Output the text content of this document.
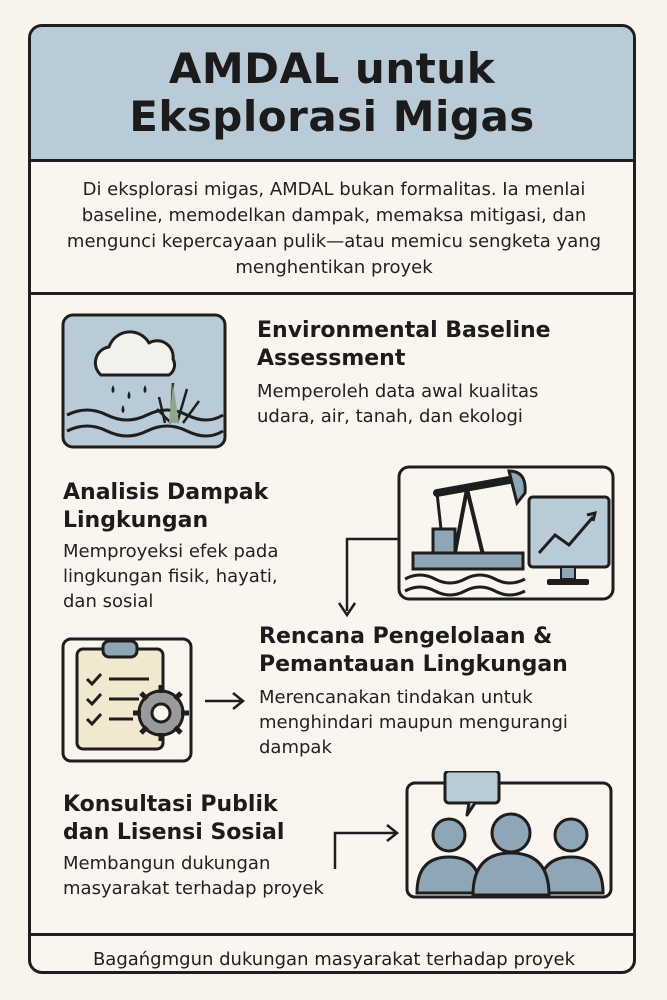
AMDAL untuk
Eksplorasi Migas
Di eksplorasi migas, AMDAL bukan formalitas. Ia menlai baseline, memodelkan dampak, memaksa mitigasi, dan mengunci kepercayaan pulik—atau memicu sengketa yang menghentikan proyek
Environmental Baseline
Assessment
Memperoleh data awal kualitas
udara, air, tanah, dan ekologi
Analisis Dampak
Lingkungan
Memproyeksi efek pada
lingkungan fisik, hayati,
dan sosial
Rencana Pengelolaan &
Pemantauan Lingkungan
Merencanakan tindakan untuk
menghindari maupun mengurangi
dampak
Konsultasi Publik
dan Lisensi Sosial
Membangun dukungan
masyarakat terhadap proyek
Bagańgmgun dukungan masyarakat terhadap proyek
